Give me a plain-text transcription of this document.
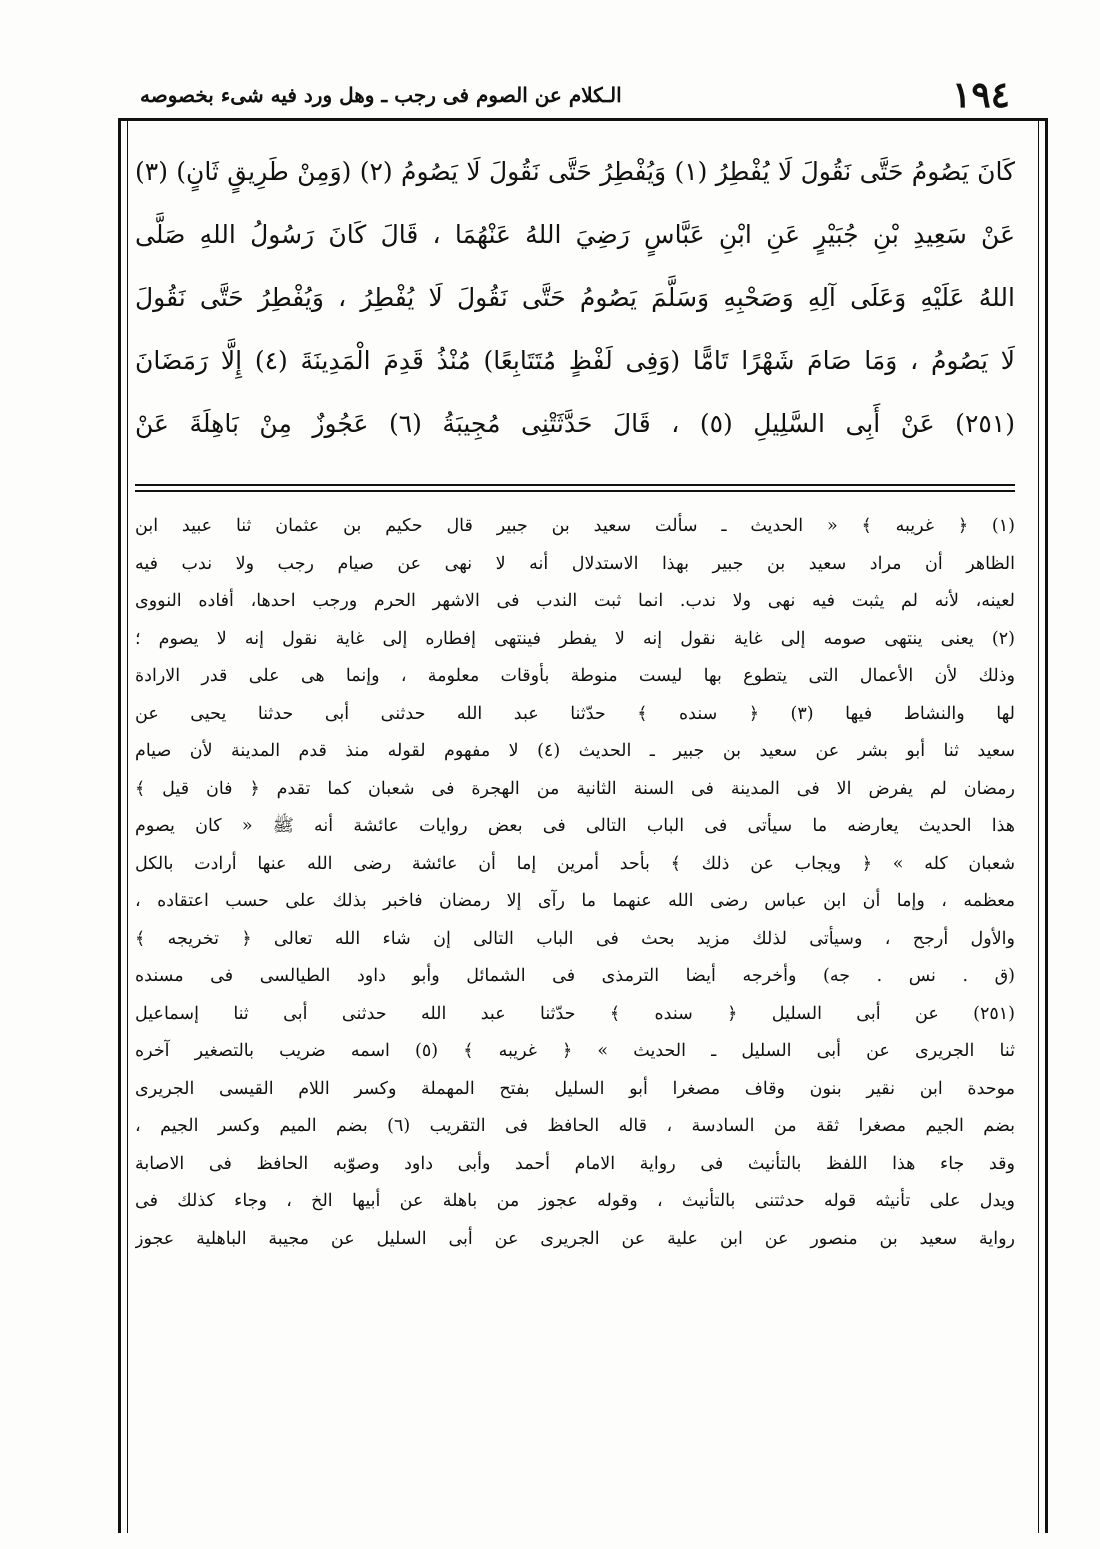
١٩٤
الـكلام عن الصوم فى رجب ـ وهل ورد فيه شىء بخصوصه
كَانَ يَصُومُ حَتَّى نَقُولَ لَا يُفْطِرُ (١) وَيُفْطِرُ حَتَّى نَقُولَ لَا يَصُومُ (٢) (وَمِنْ طَرِيقٍ ثَانٍ) (٣)
عَنْ سَعِيدِ بْنِ جُبَيْرٍ عَنِ ابْنِ عَبَّاسٍ رَضِيَ اللهُ عَنْهُمَا ، قَالَ كَانَ رَسُولُ اللهِ صَلَّى
اللهُ عَلَيْهِ وَعَلَى آلِهِ وَصَحْبِهِ وَسَلَّمَ يَصُومُ حَتَّى نَقُولَ لَا يُفْطِرُ ، وَيُفْطِرُ حَتَّى نَقُولَ
لَا يَصُومُ ، وَمَا صَامَ شَهْرًا تَامًّا (وَفِى لَفْظٍ مُتَتَابِعًا) مُنْذُ قَدِمَ الْمَدِينَةَ (٤) إِلَّا رَمَضَانَ
(٢٥١) عَنْ أَبِى السَّلِيلِ (٥) ، قَالَ حَدَّثَتْنِى مُجِيبَةُ (٦) عَجُوزٌ مِنْ بَاهِلَةَ عَنْ
(١) ﴿ غريبه ﴾ « الحديث ـ سألت سعيد بن جبير قال حكيم بن عثمان ثنا عبيد ابن
الظاهر أن مراد سعيد بن جبير بهذا الاستدلال أنه لا نهى عن صيام رجب ولا ندب فيه
لعينه، لأنه لم يثبت فيه نهى ولا ندب. انما ثبت الندب فى الاشهر الحرم ورجب احدها، أفاده النووى
(٢) يعنى ينتهى صومه إلى غاية نقول إنه لا يفطر فينتهى إفطاره إلى غاية نقول إنه لا يصوم ؛
وذلك لأن الأعمال التى يتطوع بها ليست منوطة بأوقات معلومة ، وإنما هى على قدر الارادة
لها والنشاط فيها (٣) ﴿ سنده ﴾ حدّثنا عبد الله حدثنى أبى حدثنا يحيى عن
سعيد ثنا أبو بشر عن سعيد بن جبير ـ الحديث (٤) لا مفهوم لقوله منذ قدم المدينة لأن صيام
رمضان لم يفرض الا فى المدينة فى السنة الثانية من الهجرة فى شعبان كما تقدم ﴿ فان قيل ﴾
هذا الحديث يعارضه ما سيأتى فى الباب التالى فى بعض روايات عائشة أنه ﷺ « كان يصوم
شعبان كله » ﴿ ويجاب عن ذلك ﴾ بأحد أمرين إما أن عائشة رضى الله عنها أرادت بالكل
معظمه ، وإما أن ابن عباس رضى الله عنهما ما رآى إلا رمضان فاخبر بذلك على حسب اعتقاده ،
والأول أرجح ، وسيأتى لذلك مزيد بحث فى الباب التالى إن شاء الله تعالى ﴿ تخريجه ﴾
(ق . نس . جه) وأخرجه أيضا الترمذى فى الشمائل وأبو داود الطيالسى فى مسنده
(٢٥١) عن أبى السليل ﴿ سنده ﴾ حدّثنا عبد الله حدثنى أبى ثنا إسماعيل
ثنا الجريرى عن أبى السليل ـ الحديث » ﴿ غريبه ﴾ (٥) اسمه ضريب بالتصغير آخره
موحدة ابن نقير بنون وقاف مصغرا أبو السليل بفتح المهملة وكسر اللام القيسى الجريرى
بضم الجيم مصغرا ثقة من السادسة ، قاله الحافظ فى التقريب (٦) بضم الميم وكسر الجيم ،
وقد جاء هذا اللفظ بالتأنيث فى رواية الامام أحمد وأبى داود وصوّبه الحافظ فى الاصابة
ويدل على تأنيثه قوله حدثتنى بالتأنيث ، وقوله عجوز من باهلة عن أبيها الخ ، وجاء كذلك فى
رواية سعيد بن منصور عن ابن علية عن الجريرى عن أبى السليل عن مجيبة الباهلية عجوز
